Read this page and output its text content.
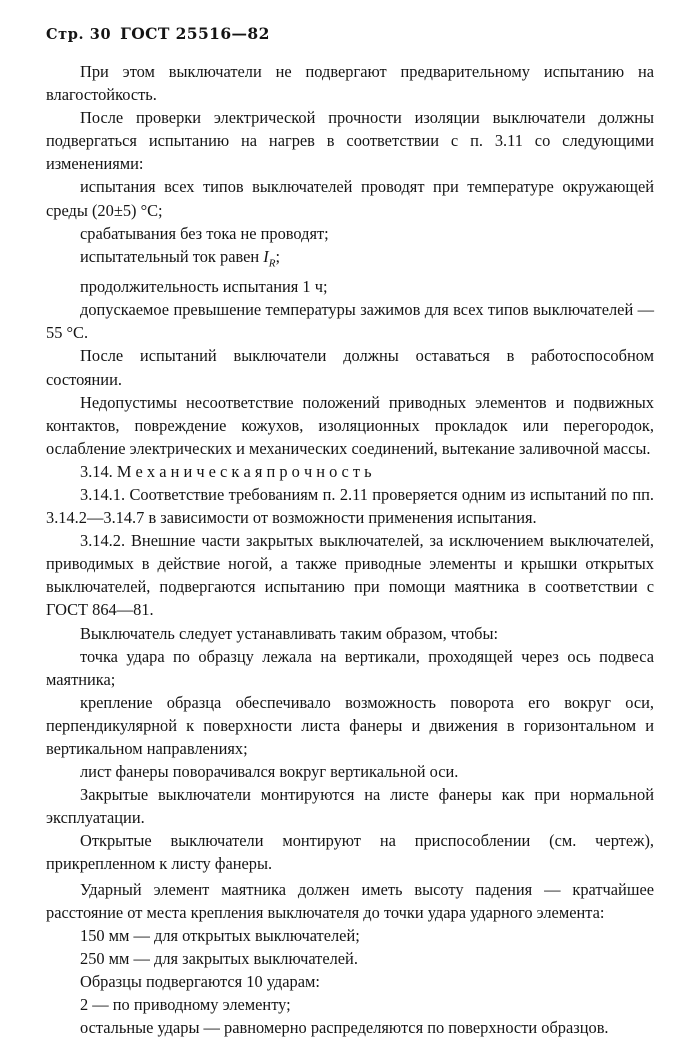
Стр. 30 ГОСТ 25516—82

При этом выключатели не подвергают предварительному испытанию на влагостойкость.

После проверки электрической прочности изоляции выключатели должны подвергаться испытанию на нагрев в соответствии с п. 3.11 со следующими изменениями:

испытания всех типов выключателей проводят при температуре окружающей среды (20±5) °С;

срабатывания без тока не проводят;

испытательный ток равен $I_R$;

продолжительность испытания 1 ч;

допускаемое превышение температуры зажимов для всех типов выключателей — 55 °С.

После испытаний выключатели должны оставаться в работоспособном состоянии.

Недопустимы несоответствие положений приводных элементов и подвижных контактов, повреждение кожухов, изоляционных прокладок или перегородок, ослабление электрических и механических соединений, вытекание заливочной массы.

3.14. М е х а н и ч е с к а я п р о ч н о с т ь

3.14.1. Соответствие требованиям п. 2.11 проверяется одним из испытаний по пп. 3.14.2—3.14.7 в зависимости от возможности применения испытания.

3.14.2. Внешние части закрытых выключателей, за исключением выключателей, приводимых в действие ногой, а также приводные элементы и крышки открытых выключателей, подвергаются испытанию при помощи маятника в соответствии с ГОСТ 864—81.

Выключатель следует устанавливать таким образом, чтобы:

точка удара по образцу лежала на вертикали, проходящей через ось подвеса маятника;

крепление образца обеспечивало возможность поворота его вокруг оси, перпендикулярной к поверхности листа фанеры и движения в горизонтальном и вертикальном направлениях;

лист фанеры поворачивался вокруг вертикальной оси.

Закрытые выключатели монтируются на листе фанеры как при нормальной эксплуатации.

Открытые выключатели монтируют на приспособлении (см. чертеж), прикрепленном к листу фанеры.

Ударный элемент маятника должен иметь высоту падения — кратчайшее расстояние от места крепления выключателя до точки удара ударного элемента:

150 мм — для открытых выключателей;

250 мм — для закрытых выключателей.

Образцы подвергаются 10 ударам:

2 — по приводному элементу;

остальные удары — равномерно распределяются по поверхности образцов.
